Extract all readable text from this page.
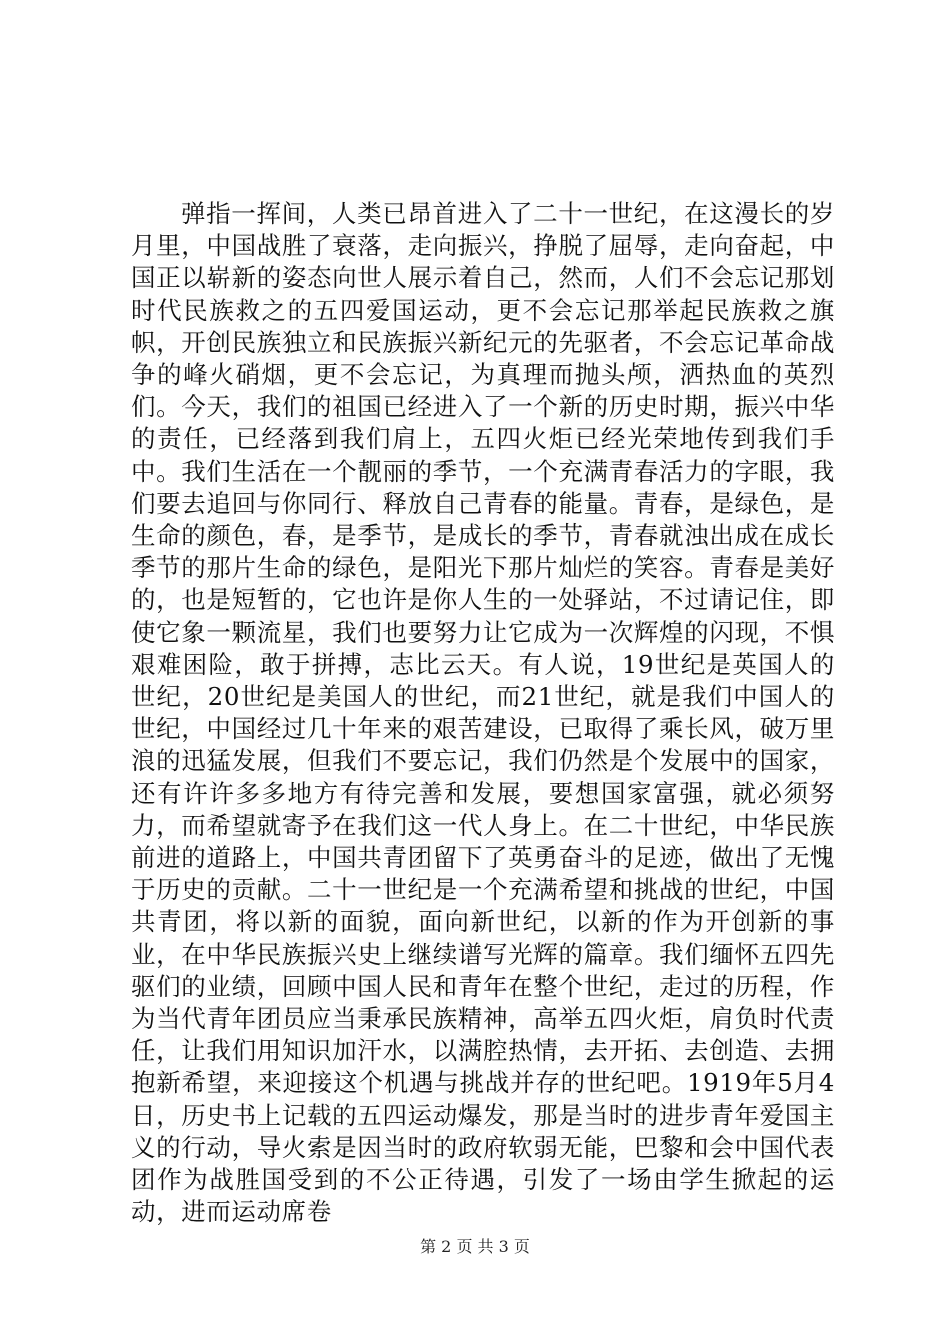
弹指一挥间，人类已昂首进入了二十一世纪，在这漫长的岁月里，中国战胜了衰落，走向振兴，挣脱了屈辱，走向奋起，中国正以崭新的姿态向世人展示着自己，然而，人们不会忘记那划时代民族救之的五四爱国运动，更不会忘记那举起民族救之旗帜，开创民族独立和民族振兴新纪元的先驱者，不会忘记革命战争的峰火硝烟，更不会忘记，为真理而抛头颅，洒热血的英烈们。今天，我们的祖国已经进入了一个新的历史时期，振兴中华的责任，已经落到我们肩上，五四火炬已经光荣地传到我们手中。我们生活在一个靓丽的季节，一个充满青春活力的字眼，我们要去追回与你同行、释放自己青春的能量。青春，是绿色，是生命的颜色，春，是季节，是成长的季节，青春就浊出成在成长季节的那片生命的绿色，是阳光下那片灿烂的笑容。青春是美好的，也是短暂的，它也许是你人生的一处驿站，不过请记住，即使它象一颗流星，我们也要努力让它成为一次辉煌的闪现，不惧艰难困险，敢于拼搏，志比云天。有人说，19世纪是英国人的世纪，20世纪是美国人的世纪，而21世纪，就是我们中国人的世纪，中国经过几十年来的艰苦建设，已取得了乘长风，破万里浪的迅猛发展，但我们不要忘记，我们仍然是个发展中的国家，还有许许多多地方有待完善和发展，要想国家富强，就必须努力，而希望就寄予在我们这一代人身上。在二十世纪，中华民族前进的道路上，中国共青团留下了英勇奋斗的足迹，做出了无愧于历史的贡献。二十一世纪是一个充满希望和挑战的世纪，中国共青团，将以新的面貌，面向新世纪，以新的作为开创新的事业，在中华民族振兴史上继续谱写光辉的篇章。我们缅怀五四先驱们的业绩，回顾中国人民和青年在整个世纪，走过的历程，作为当代青年团员应当秉承民族精神，高举五四火炬，肩负时代责任，让我们用知识加汗水，以满腔热情，去开拓、去创造、去拥抱新希望，来迎接这个机遇与挑战并存的世纪吧。1919年5月4日，历史书上记载的五四运动爆发，那是当时的进步青年爱国主义的行动，导火索是因当时的政府软弱无能，巴黎和会中国代表团作为战胜国受到的不公正待遇，引发了一场由学生掀起的运动，进而运动席卷

第 2 页 共 3 页
